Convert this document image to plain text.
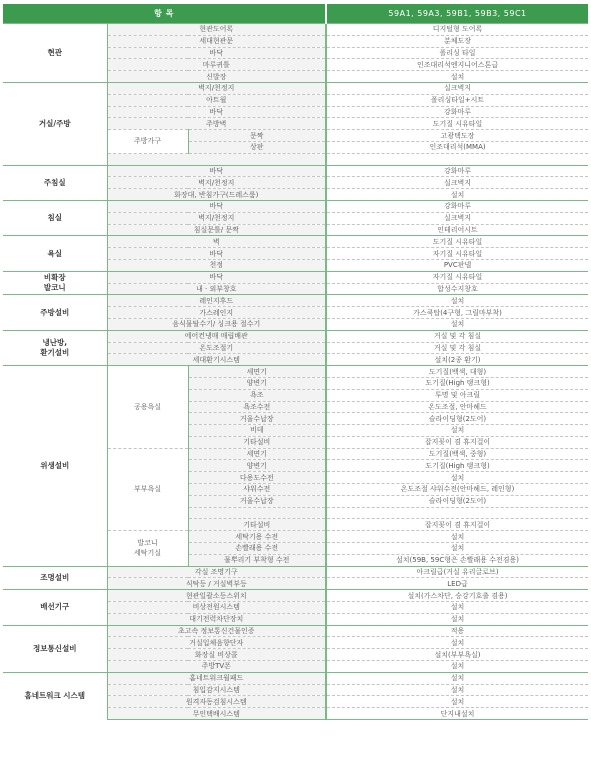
항 목			59A1, 59A3, 59B1, 59B3, 59C1
현관	현관도어록		디지털형 도어록
	세대현관문		분체도장
	바닥		폴리싱 타일
	마루귀틀		인조대리석엔지니어스톤급
	신발장		설치
거실/주방	벽지/천정지		실크벽지
	아트월		폴리싱타일+시트
	바닥		강화마루
	주방벽		도기질 시유타일
	주방가구	문짝	고광택도장
		상판	인조대리석(MMA)

주침실	바닥		강화마루
	벽지/천정지		실크벽지
	화장대, 반침가구(드레스룸)		설치
침실	바닥		강화마루
	벽지/천정지		실크벽지
	침실문틀/ 문짝		인테리어시트
욕실	벽		도기질 시유타일
	바닥		자기질 시유타일
	천정		PVC판넬
비확장
발코니	바닥		자기질 시유타일
	내 · 외부창호		합성수지창호
주방설비	레인지후드		설치
	가스레인지		가스쿡탑(4구형, 그릴마부착)
	음식물탈수기/ 싱크용 절수기		설치
냉난방,
환기설비	에어컨냉매 매립배관		거실 및 각 침실
	온도조절기		거실 및 각 침실
	세대환기시스템		설치(2종 환기)
위생설비	공용욕실	세면기	도기질(백색, 대형)
		양변기	도기질(High 탱크형)
		욕조	투명 및 아크릴
		욕조수전	온도조절, 안마헤드
		거울수납장	슬라이딩형(2도어)
		비데	설치
		기타설비	잡지꽂이 겸 휴지걸이
	부부욕실	세면기	도기질(백색, 중형)
		양변기	도기질(High 탱크형)
		다용도수전	설치
		샤워수전	온도조절 샤워수전(안마헤드, 레인형)
		거울수납장	슬라이딩형(2도어)

		기타설비	잡지꽂이 겸 휴지걸이
	발코니
세탁기실	세탁기용 수전	설치
		손빨래용 수전	설치
		물뿌리기 부착형 수전	설치(59B, 59C형은 손빨래용 수전겸용)
조명설비	각실 조명기구		아크릴급(거실 유리글로브)
	식탁등 / 거실벽부등		LED급
배선기구	현관일괄소등스위치		설치(가스차단, 승강기호출 겸용)
	비상전원시스템		설치
	대기전력차단장치		설치
정보통신설비	초고속 정보통신건물인증		적용
	거실입체음향단자		설치
	화장실 비상콜		설치(부부욕실)
	주방TV폰		설치
홈네트워크 시스템	홈네트워크월패드		설치
	침입감지시스템		설치
	원격자동검침시스템		설치
	무인택배시스템		단지내설치
